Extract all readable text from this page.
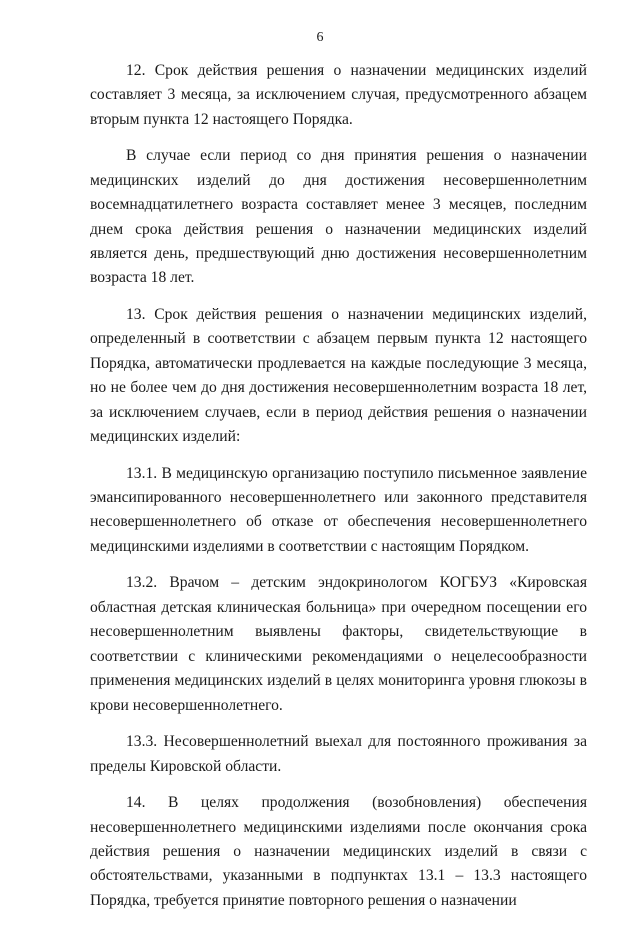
6

12. Срок действия решения о назначении медицинских изделий составляет 3 месяца, за исключением случая, предусмотренного абзацем вторым пункта 12 настоящего Порядка.

В случае если период со дня принятия решения о назначении медицинских изделий до дня достижения несовершеннолетним восемнадцатилетнего возраста составляет менее 3 месяцев, последним днем срока действия решения о назначении медицинских изделий является день, предшествующий дню достижения несовершеннолетним возраста 18 лет.

13. Срок действия решения о назначении медицинских изделий, определенный в соответствии с абзацем первым пункта 12 настоящего Порядка, автоматически продлевается на каждые последующие 3 месяца, но не более чем до дня достижения несовершеннолетним возраста 18 лет, за исключением случаев, если в период действия решения о назначении медицинских изделий:

13.1. В медицинскую организацию поступило письменное заявление эмансипированного несовершеннолетнего или законного представителя несовершеннолетнего об отказе от обеспечения несовершеннолетнего медицинскими изделиями в соответствии с настоящим Порядком.

13.2. Врачом – детским эндокринологом КОГБУЗ «Кировская областная детская клиническая больница» при очередном посещении его несовершеннолетним выявлены факторы, свидетельствующие в соответствии с клиническими рекомендациями о нецелесообразности применения медицинских изделий в целях мониторинга уровня глюкозы в крови несовершеннолетнего.

13.3. Несовершеннолетний выехал для постоянного проживания за пределы Кировской области.

14. В целях продолжения (возобновления) обеспечения несовершеннолетнего медицинскими изделиями после окончания срока действия решения о назначении медицинских изделий в связи с обстоятельствами, указанными в подпунктах 13.1 – 13.3 настоящего Порядка, требуется принятие повторного решения о назначении
